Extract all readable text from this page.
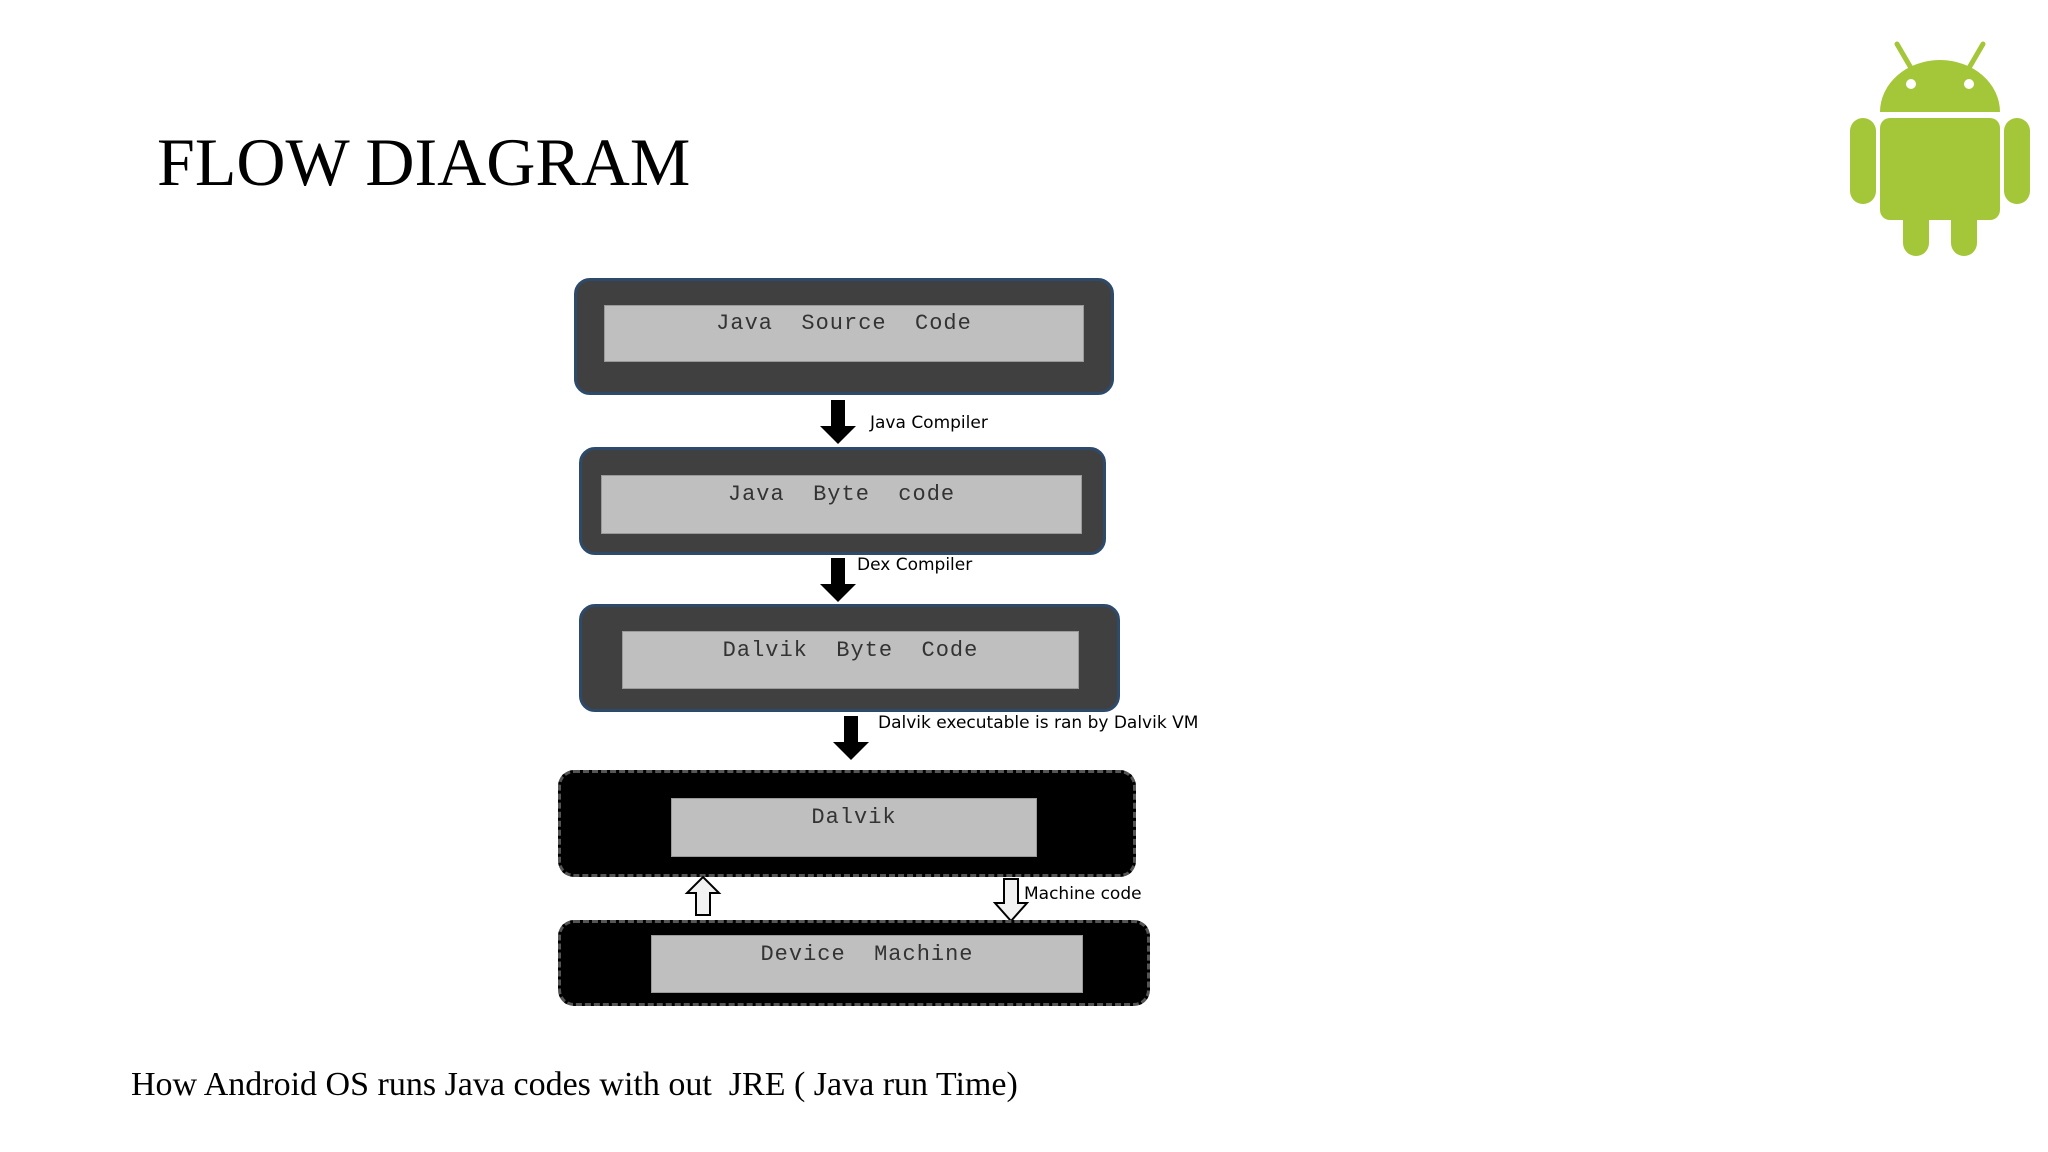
FLOW DIAGRAM
Java  Source  Code
Java Compiler
Java  Byte  code
Dex Compiler
Dalvik  Byte  Code
Dalvik executable is ran by Dalvik VM
Dalvik
Machine code
Device  Machine
How Android OS runs Java codes with out  JRE ( Java run Time)
